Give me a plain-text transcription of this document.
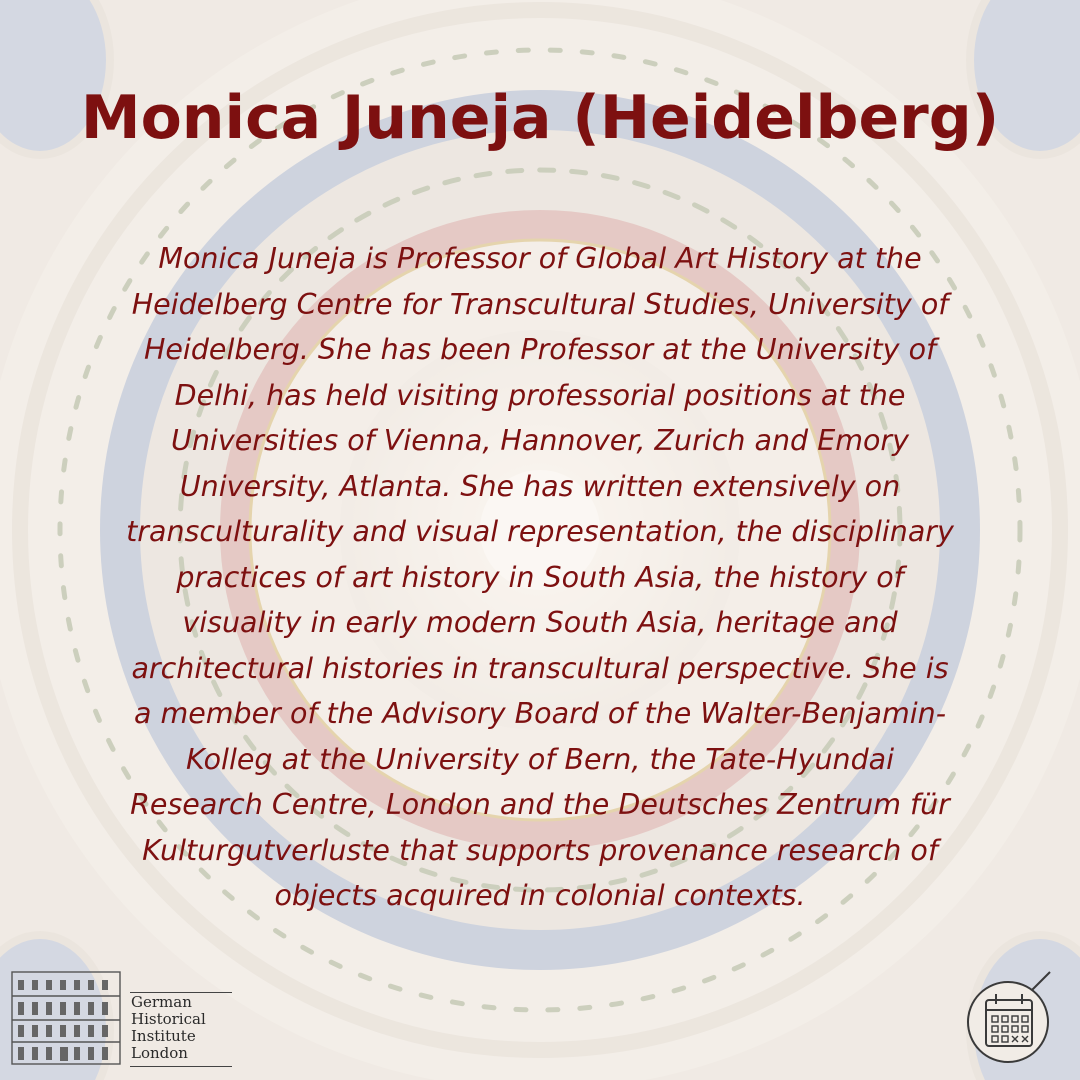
Monica Juneja (Heidelberg)
Monica Juneja is Professor of Global Art History at the
Heidelberg Centre for Transcultural Studies, University of
Heidelberg. She has been Professor at the University of
Delhi, has held visiting professorial positions at the
Universities of Vienna, Hannover, Zurich and Emory
University, Atlanta. She has written extensively on
transculturality and visual representation, the disciplinary
practices of art history in South Asia, the history of
visuality in early modern South Asia, heritage and
architectural histories in transcultural perspective. She is
a member of the Advisory Board of the Walter-Benjamin-
Kolleg at the University of Bern, the Tate-Hyundai
Research Centre, London and the Deutsches Zentrum für
Kulturgutverluste that supports provenance research of
objects acquired in colonial contexts.
German
Historical
Institute
London
